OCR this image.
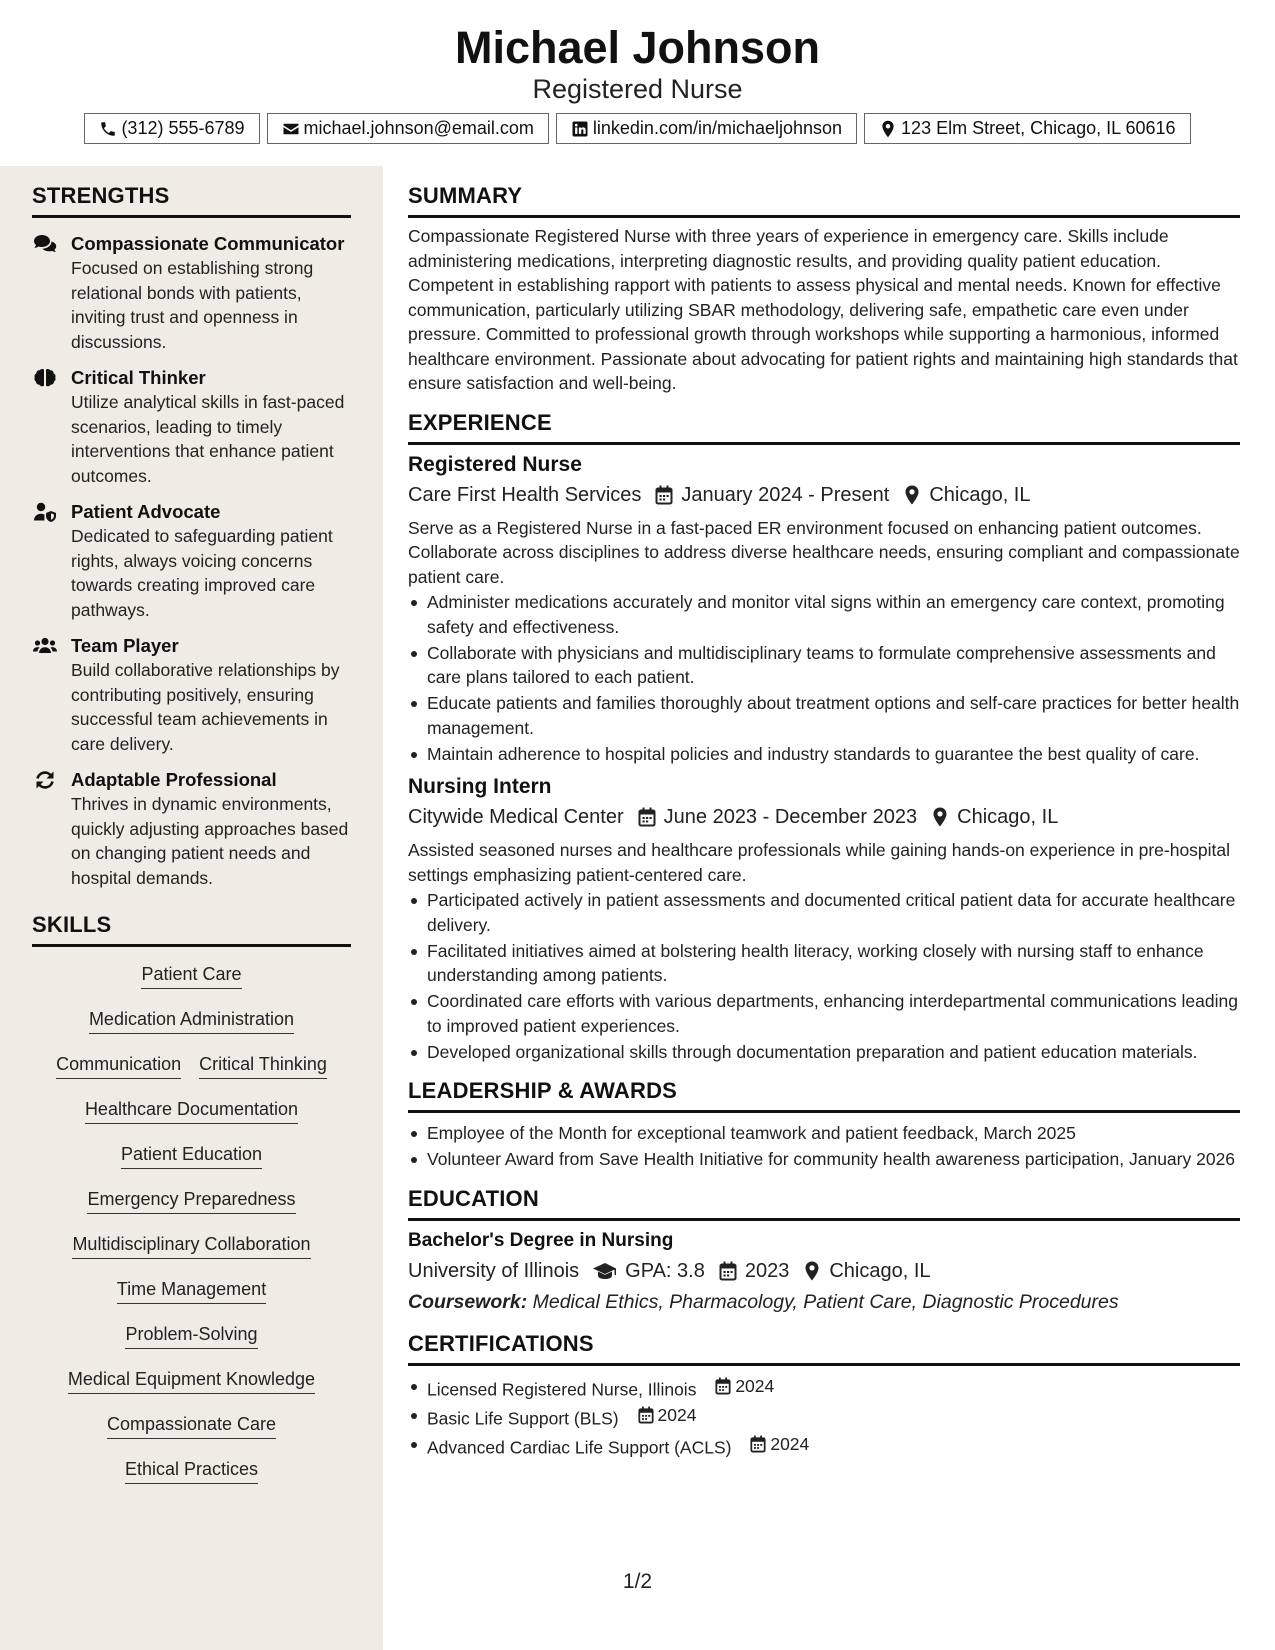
Michael Johnson
Registered Nurse
(312) 555-6789	michael.johnson@email.com	linkedin.com/in/michaeljohnson	123 Elm Street, Chicago, IL 60616
STRENGTHS
Compassionate Communicator
Focused on establishing strong relational bonds with patients, inviting trust and openness in discussions.
Critical Thinker
Utilize analytical skills in fast-paced scenarios, leading to timely interventions that enhance patient outcomes.
Patient Advocate
Dedicated to safeguarding patient rights, always voicing concerns towards creating improved care pathways.
Team Player
Build collaborative relationships by contributing positively, ensuring successful team achievements in care delivery.
Adaptable Professional
Thrives in dynamic environments, quickly adjusting approaches based on changing patient needs and hospital demands.
SKILLS
Patient Care
Medication Administration
Communication Critical Thinking
Healthcare Documentation
Patient Education
Emergency Preparedness
Multidisciplinary Collaboration
Time Management
Problem-Solving
Medical Equipment Knowledge
Compassionate Care
Ethical Practices
SUMMARY
Compassionate Registered Nurse with three years of experience in emergency care. Skills include administering medications, interpreting diagnostic results, and providing quality patient education. Competent in establishing rapport with patients to assess physical and mental needs. Known for effective communication, particularly utilizing SBAR methodology, delivering safe, empathetic care even under pressure. Committed to professional growth through workshops while supporting a harmonious, informed healthcare environment. Passionate about advocating for patient rights and maintaining high standards that ensure satisfaction and well-being.
EXPERIENCE
Registered Nurse
Care First Health Services January 2024 - Present Chicago, IL
Serve as a Registered Nurse in a fast-paced ER environment focused on enhancing patient outcomes. Collaborate across disciplines to address diverse healthcare needs, ensuring compliant and compassionate patient care.
Administer medications accurately and monitor vital signs within an emergency care context, promoting safety and effectiveness.
Collaborate with physicians and multidisciplinary teams to formulate comprehensive assessments and care plans tailored to each patient.
Educate patients and families thoroughly about treatment options and self-care practices for better health management.
Maintain adherence to hospital policies and industry standards to guarantee the best quality of care.
Nursing Intern
Citywide Medical Center June 2023 - December 2023 Chicago, IL
Assisted seasoned nurses and healthcare professionals while gaining hands-on experience in pre-hospital settings emphasizing patient-centered care.
Participated actively in patient assessments and documented critical patient data for accurate healthcare delivery.
Facilitated initiatives aimed at bolstering health literacy, working closely with nursing staff to enhance understanding among patients.
Coordinated care efforts with various departments, enhancing interdepartmental communications leading to improved patient experiences.
Developed organizational skills through documentation preparation and patient education materials.
LEADERSHIP & AWARDS
Employee of the Month for exceptional teamwork and patient feedback, March 2025
Volunteer Award from Save Health Initiative for community health awareness participation, January 2026
EDUCATION
Bachelor's Degree in Nursing
University of Illinois GPA: 3.8 2023 Chicago, IL
Coursework: Medical Ethics, Pharmacology, Patient Care, Diagnostic Procedures
CERTIFICATIONS
Licensed Registered Nurse, Illinois 2024
Basic Life Support (BLS) 2024
Advanced Cardiac Life Support (ACLS) 2024
1/2
